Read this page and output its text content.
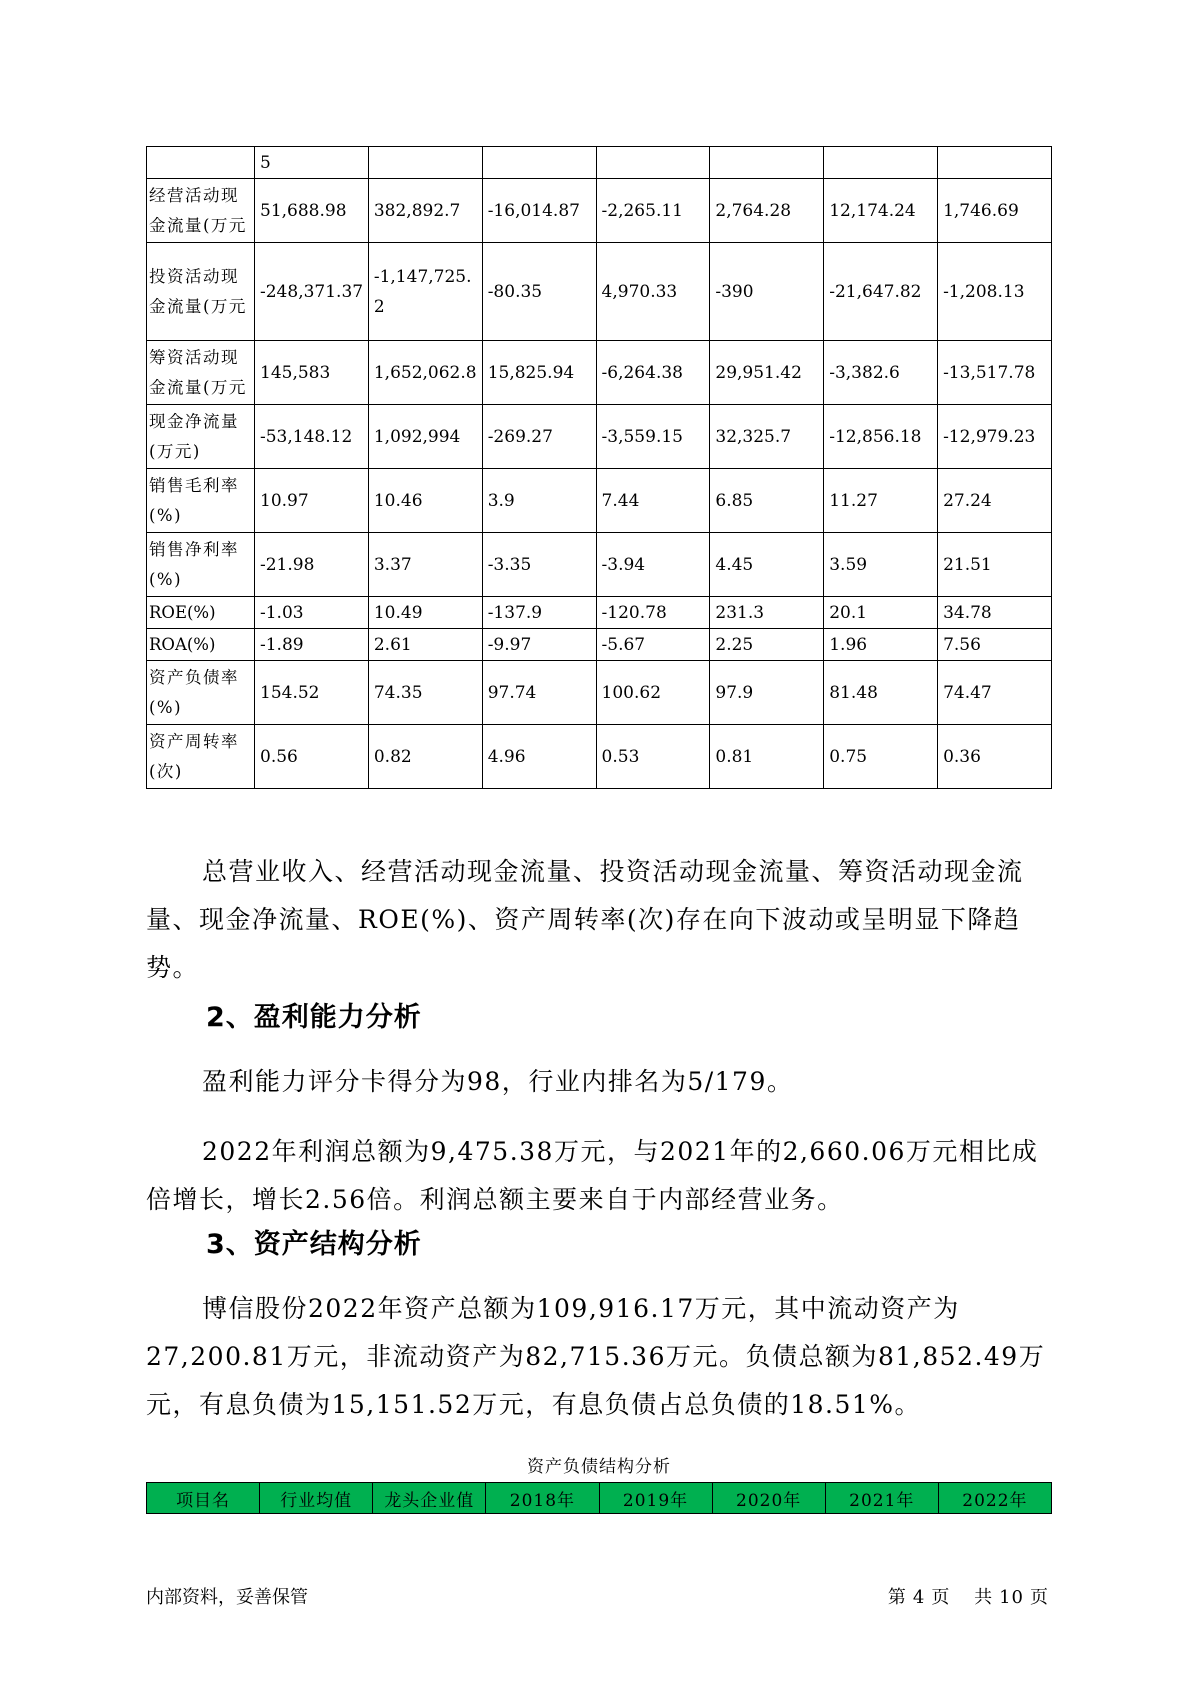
	5						
经营活动现金流量(万元	51,688.98	382,892.7	-16,014.87	-2,265.11	2,764.28	12,174.24	1,746.69
投资活动现金流量(万元	-248,371.37	-1,147,725.2	-80.35	4,970.33	-390	-21,647.82	-1,208.13
筹资活动现金流量(万元	145,583	1,652,062.8	15,825.94	-6,264.38	29,951.42	-3,382.6	-13,517.78
现金净流量(万元)	-53,148.12	1,092,994	-269.27	-3,559.15	32,325.7	-12,856.18	-12,979.23
销售毛利率(%)	10.97	10.46	3.9	7.44	6.85	11.27	27.24
销售净利率(%)	-21.98	3.37	-3.35	-3.94	4.45	3.59	21.51
ROE(%)	-1.03	10.49	-137.9	-120.78	231.3	20.1	34.78
ROA(%)	-1.89	2.61	-9.97	-5.67	2.25	1.96	7.56
资产负债率(%)	154.52	74.35	97.74	100.62	97.9	81.48	74.47
资产周转率(次)	0.56	0.82	4.96	0.53	0.81	0.75	0.36

总营业收入、经营活动现金流量、投资活动现金流量、筹资活动现金流量、现金净流量、ROE(%)、资产周转率(次)存在向下波动或呈明显下降趋势。

2、盈利能力分析

盈利能力评分卡得分为98，行业内排名为5/179。

2022年利润总额为9,475.38万元，与2021年的2,660.06万元相比成倍增长，增长2.56倍。利润总额主要来自于内部经营业务。

3、资产结构分析

博信股份2022年资产总额为109,916.17万元，其中流动资产为27,200.81万元，非流动资产为82,715.36万元。负债总额为81,852.49万元，有息负债为15,151.52万元，有息负债占总负债的18.51%。

资产负债结构分析
项目名	行业均值	龙头企业值	2018年	2019年	2020年	2021年	2022年
内部资料，妥善保管	第 4 页 共 10 页
